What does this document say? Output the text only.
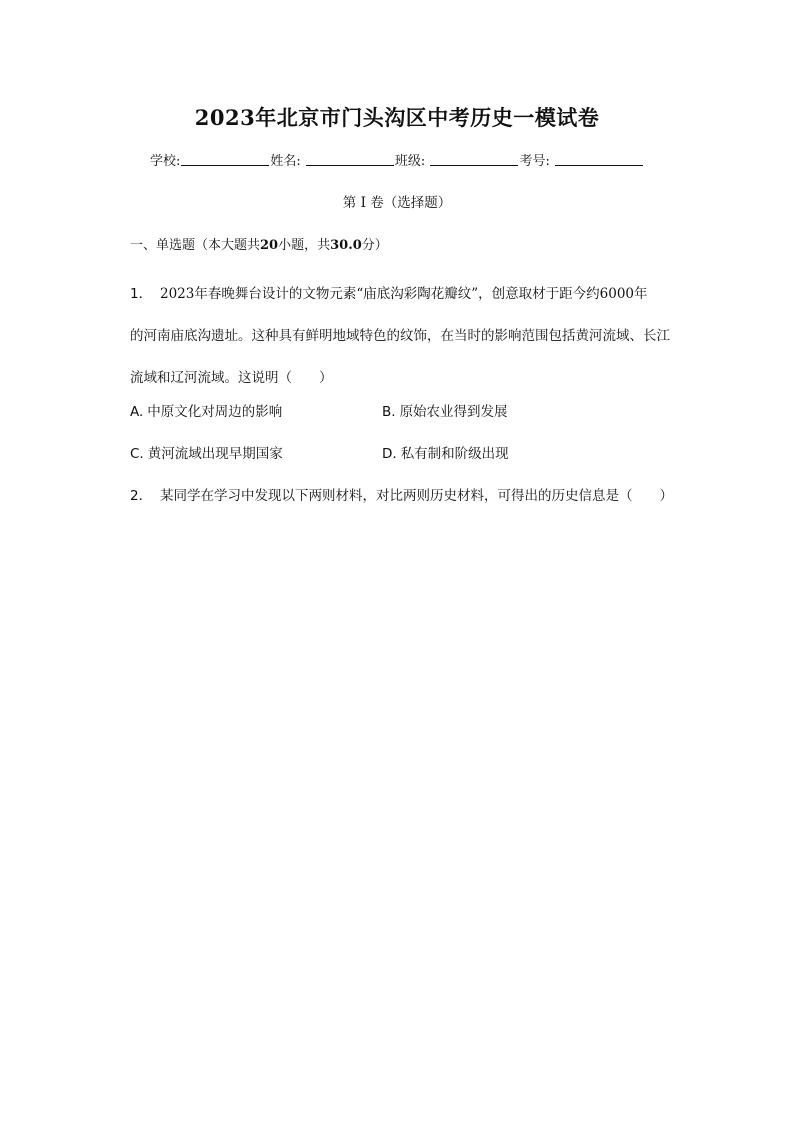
2023年北京市门头沟区中考历史一模试卷
学校:	姓名:	班级:	考号:
第 I 卷（选择题）
一、单选题（本大题共20小题，共30.0分）
1． 2023年春晚舞台设计的文物元素“庙底沟彩陶花瓣纹”，创意取材于距今约6000年
的河南庙底沟遗址。这种具有鲜明地域特色的纹饰，在当时的影响范围包括黄河流域、长江
流域和辽河流域。这说明（　　）
A. 中原文化对周边的影响	B. 原始农业得到发展
C. 黄河流域出现早期国家	D. 私有制和阶级出现
2． 某同学在学习中发现以下两则材料，对比两则历史材料，可得出的历史信息是（　　）
